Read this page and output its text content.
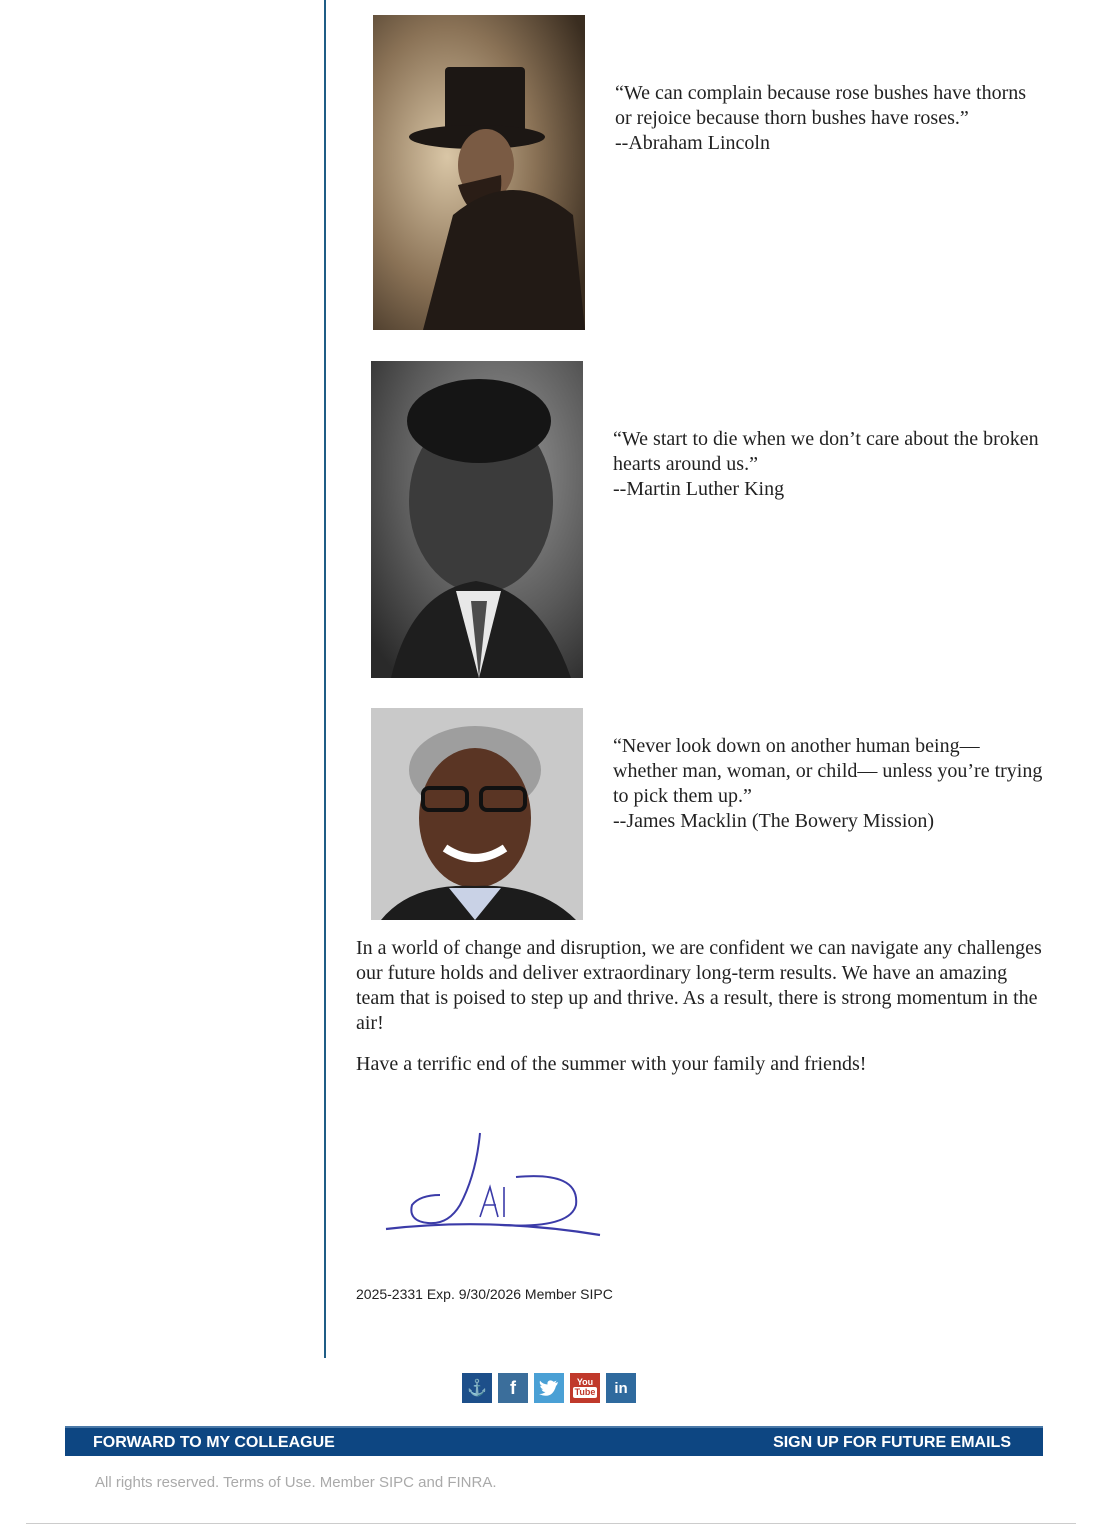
“We can complain because rose bushes have thorns or rejoice because thorn bushes have roses.”

--Abraham Lincoln

“We start to die when we don’t care about the broken hearts around us.”

--Martin Luther King

“Never look down on another human being— whether man, woman, or child— unless you’re trying to pick them up.”

--James Macklin (The Bowery Mission)

In a world of change and disruption, we are confident we can navigate any challenges our future holds and deliver extraordinary long-term results. We have an amazing team that is poised to step up and thrive. As a result, there is strong momentum in the air!

Have a terrific end of the summer with your family and friends!

2025-2331 Exp. 9/30/2026 Member SIPC
⚓	f	You
Tube	in
FORWARD TO MY COLLEAGUE	SIGN UP FOR FUTURE EMAILS
All rights reserved. Terms of Use. Member SIPC and FINRA.
